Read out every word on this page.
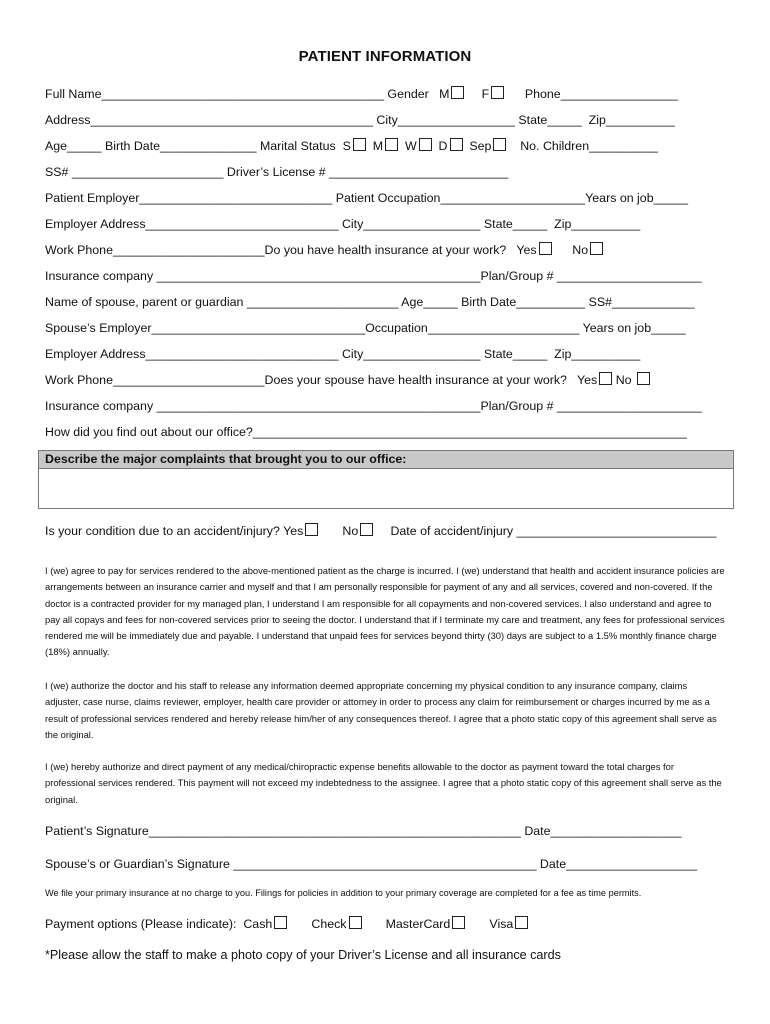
PATIENT INFORMATION
Full Name_________________________________________ Gender   M     F      Phone_________________
Address_________________________________________ City_________________ State_____  Zip__________
Age_____ Birth Date______________ Marital Status  S  M  W  D  Sep    No. Children__________
SS# ______________________ Driver’s License # __________________________
Patient Employer____________________________ Patient Occupation_____________________Years on job_____
Employer Address____________________________ City_________________ State_____  Zip__________
Work Phone______________________Do you have health insurance at your work?   Yes      No
Insurance company _______________________________________________Plan/Group # _____________________
Name of spouse, parent or guardian ______________________ Age_____ Birth Date__________ SS#____________
Spouse’s Employer_______________________________Occupation______________________ Years on job_____
Employer Address____________________________ City_________________ State_____  Zip__________
Work Phone______________________Does your spouse have health insurance at your work?   Yes No
Insurance company _______________________________________________Plan/Group # _____________________
How did you find out about our office?_______________________________________________________________
Describe the major complaints that brought you to our office:
Is your condition due to an accident/injury? Yes       No     Date of accident/injury _____________________________

I (we) agree to pay for services rendered to the above-mentioned patient as the charge is incurred. I (we) understand that health and accident insurance policies are arrangements between an insurance carrier and myself and that I am personally responsible for payment of any and all services, covered and non-covered. If the doctor is a contracted provider for my managed plan, I understand I am responsible for all copayments and non-covered services. I also understand and agree to pay all copays and fees for non-covered services prior to seeing the doctor. I understand that if I terminate my care and treatment, any fees for professional services rendered me will be immediately due and payable. I understand that unpaid fees for services beyond thirty (30) days are subject to a 1.5% monthly finance charge (18%) annually.

I (we) authorize the doctor and his staff to release any information deemed appropriate concerning my physical condition to any insurance company, claims adjuster, case nurse, claims reviewer, employer, health care provider or attorney in order to process any claim for reimbursement or charges incurred by me as a result of professional services rendered and hereby release him/her of any consequences thereof. I agree that a photo static copy of this agreement shall serve as the original.

I (we) hereby authorize and direct payment of any medical/chiropractic expense benefits allowable to the doctor as payment toward the total charges for professional services rendered. This payment will not exceed my indebtedness to the assignee. I agree that a photo static copy of this agreement shall serve as the original.

Patient’s Signature______________________________________________________ Date___________________
Spouse’s or Guardian’s Signature ____________________________________________ Date___________________
We file your primary insurance at no charge to you. Filings for policies in addition to your primary coverage are completed for a fee as time permits.
Payment options (Please indicate):  Cash       Check       MasterCard       Visa
*Please allow the staff to make a photo copy of your Driver’s License and all insurance cards
